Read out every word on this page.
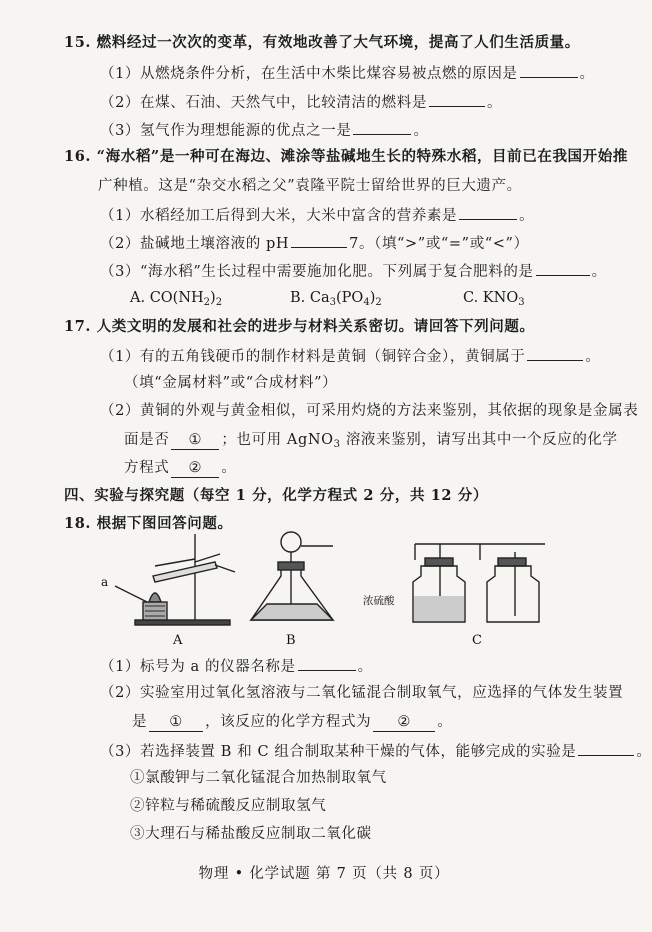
15. 燃料经过一次次的变革，有效地改善了大气环境，提高了人们生活质量。
（1）从燃烧条件分析，在生活中木柴比煤容易被点燃的原因是	。
（2）在煤、石油、天然气中，比较清洁的燃料是	。
（3）氢气作为理想能源的优点之一是	。
16. “海水稻”是一种可在海边、滩涂等盐碱地生长的特殊水稻，目前已在我国开始推
广种植。这是“杂交水稻之父”袁隆平院士留给世界的巨大遗产。
（1）水稻经加工后得到大米，大米中富含的营养素是	。
（2）盐碱地土壤溶液的 pH	7。（填“>”或“=”或“<”）
（3）“海水稻”生长过程中需要施加化肥。下列属于复合肥料的是	。
A. $CO(NH_2)_2$	B. $Ca_3(PO_4)_2$	C. $KNO_3$
17. 人类文明的发展和社会的进步与材料关系密切。请回答下列问题。
（1）有的五角钱硬币的制作材料是黄铜（铜锌合金），黄铜属于	。
（填“金属材料”或“合成材料”）
（2）黄铜的外观与黄金相似，可采用灼烧的方法来鉴别，其依据的现象是金属表
面是否 ① ；也可用 AgNO$_3$ 溶液来鉴别，请写出其中一个反应的化学
方程式 ② 。
四、实验与探究题（每空 1 分，化学方程式 2 分，共 12 分）
18. 根据下图回答问题。
a
A	B
浓硫酸
C
（1）标号为 a 的仪器名称是	。
（2）实验室用过氧化氢溶液与二氧化锰混合制取氧气，应选择的气体发生装置
是 ① ，该反应的化学方程式为 ② 。
（3）若选择装置 B 和 C 组合制取某种干燥的气体，能够完成的实验是	。
①氯酸钾与二氧化锰混合加热制取氧气
②锌粒与稀硫酸反应制取氢气
③大理石与稀盐酸反应制取二氧化碳
物理 • 化学试题 第 7 页（共 8 页）
